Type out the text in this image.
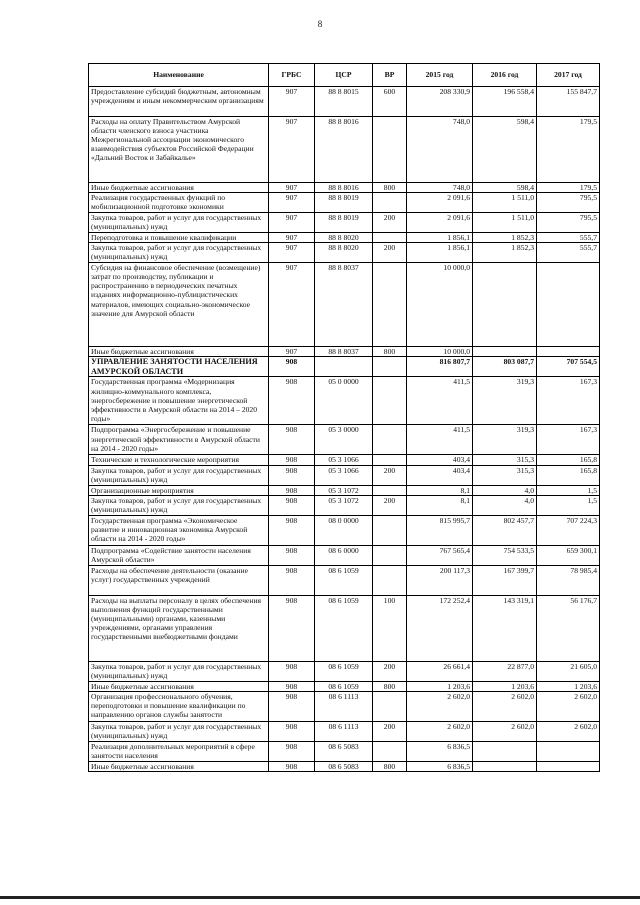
8
Наименование	ГРБС	ЦСР	ВР	2015 год	2016 год	2017 год
Предоставление субсидий бюджетным, автономным учреждениям и иным некоммерческим организациям	907	88 8 8015	600	208 330,9	196 558,4	155 847,7
Расходы на оплату Правительством Амурской области членского взноса участника Межрегиональной ассоциации экономического взаимодействия субъектов Российской Федерации «Дальний Восток и Забайкалье»	907	88 8 8016		748,0	598,4	179,5
Иные бюджетные ассигнования	907	88 8 8016	800	748,0	598,4	179,5
Реализация государственных функций по мобилизационной подготовке экономики	907	88 8 8019		2 091,6	1 511,0	795,5
Закупка товаров, работ и услуг для государственных (муниципальных) нужд	907	88 8 8019	200	2 091,6	1 511,0	795,5
Переподготовка и повышение квалификации	907	88 8 8020		1 856,1	1 852,3	555,7
Закупка товаров, работ и услуг для государственных (муниципальных) нужд	907	88 8 8020	200	1 856,1	1 852,3	555,7
Субсидия на финансовое обеспечение (возмещение) затрат по производству, публикации и распространению в периодических печатных изданиях информационно-публицистических материалов, имеющих социально-экономическое значение для Амурской области	907	88 8 8037		10 000,0		
Иные бюджетные ассигнования	907	88 8 8037	800	10 000,0		
УПРАВЛЕНИЕ ЗАНЯТОСТИ НАСЕЛЕНИЯ АМУРСКОЙ ОБЛАСТИ	908			816 807,7	803 087,7	707 554,5
Государственная программа «Модернизация жилищно-коммунального комплекса, энергосбережение и повышение энергетической эффективности в Амурской области на 2014 – 2020 годы»	908	05 0 0000		411,5	319,3	167,3
Подпрограмма «Энергосбережение и повышение энергетической эффективности в Амурской области на 2014 - 2020 годы»	908	05 3 0000		411,5	319,3	167,3
Технические и технологические мероприятия	908	05 3 1066		403,4	315,3	165,8
Закупка товаров, работ и услуг для государственных (муниципальных) нужд	908	05 3 1066	200	403,4	315,3	165,8
Организационные мероприятия	908	05 3 1072		8,1	4,0	1,5
Закупка товаров, работ и услуг для государственных (муниципальных) нужд	908	05 3 1072	200	8,1	4,0	1,5
Государственная программа «Экономическое развитие и инновационная экономика Амурской области на 2014 - 2020 годы»	908	08 0 0000		815 995,7	802 457,7	707 224,3
Подпрограмма «Содействие занятости населения Амурской области»	908	08 6 0000		767 565,4	754 533,5	659 300,1
Расходы на обеспечение деятельности (оказание услуг) государственных учреждений	908	08 6 1059		200 117,3	167 399,7	78 985,4
Расходы на выплаты персоналу в целях обеспечения выполнения функций государственными (муниципальными) органами, казенными учреждениями, органами управления государственными внебюджетными фондами	908	08 6 1059	100	172 252,4	143 319,1	56 176,7
Закупка товаров, работ и услуг для государственных (муниципальных) нужд	908	08 6 1059	200	26 661,4	22 877,0	21 605,0
Иные бюджетные ассигнования	908	08 6 1059	800	1 203,6	1 203,6	1 203,6
Организация профессионального обучения, переподготовки и повышение квалификации по направлению органов службы занятости	908	08 6 1113		2 602,0	2 602,0	2 602,0
Закупка товаров, работ и услуг для государственных (муниципальных) нужд	908	08 6 1113	200	2 602,0	2 602,0	2 602,0
Реализация дополнительных мероприятий в сфере занятости населения	908	08 6 5083		6 836,5		
Иные бюджетные ассигнования	908	08 6 5083	800	6 836,5		
